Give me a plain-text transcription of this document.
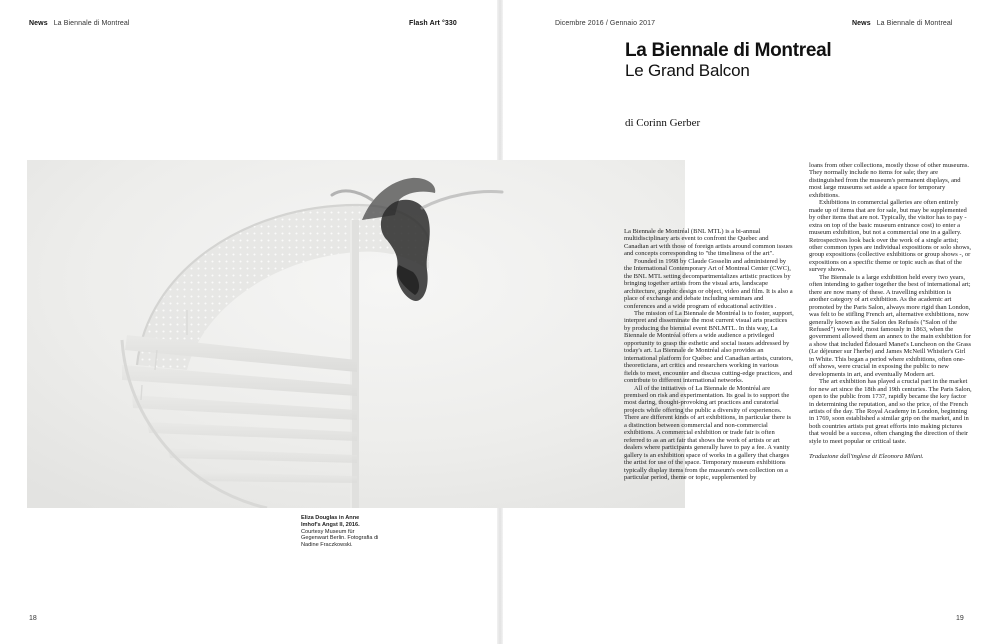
News La Biennale di Montreal	Flash Art °330
18
Dicembre 2016 / Gennaio 2017	News La Biennale di Montreal
19
Eliza Douglas in Anne Imhof's Angst II, 2016.
Courtesy Museum für Gegenwart Berlin. Fotografia di Nadine Fraczkowski.
La Biennale di Montreal
Le Grand Balcon
di Corinn Gerber

La Biennale de Montréal (BNL MTL) is a bi-annual multidisciplinary arts event to confront the Quebec and Canadian art with those of foreign artists around common issues and concepts corresponding to "the timeliness of the art".

Founded in 1998 by Claude Gosselin and administered by the International Contemporary Art of Montreal Center (CWC), the BNL MTL setting decompartmentalizes artistic practices by bringing together artists from the visual arts, landscape architecture, graphic design or object, video and film. It is also a place of exchange and debate including seminars and conferences and a wide program of educational activities .

The mission of La Biennale de Montréal is to foster, support, interpret and disseminate the most current visual arts practices by producing the biennial event BNLMTL. In this way, La Biennale de Montréal offers a wide audience a privileged opportunity to grasp the esthetic and social issues addressed by today's art. La Biennale de Montréal also provides an international platform for Québec and Canadian artists, curators, theoreticians, art critics and researchers working in various fields to meet, encounter and discuss cutting-edge practices, and contribute to different international networks.

All of the initiatives of La Biennale de Montréal are premised on risk and experimentation. Its goal is to support the most daring, thought-provoking art practices and curatorial projects while offering the public a diversity of experiences. There are different kinds of art exhibitions, in particular there is a distinction between commercial and non-commercial exhibitions. A commercial exhibition or trade fair is often referred to as an art fair that shows the work of artists or art dealers where participants generally have to pay a fee. A vanity gallery is an exhibition space of works in a gallery that charges the artist for use of the space. Temporary museum exhibitions typically display items from the museum's own collection on a particular period, theme or topic, supplemented by

loans from other collections, mostly those of other museums. They normally include no items for sale; they are distinguished from the museum's permanent displays, and most large museums set aside a space for temporary exhibitions.

Exhibitions in commercial galleries are often entirely made up of items that are for sale, but may be supplemented by other items that are not. Typically, the visitor has to pay - extra on top of the basic museum entrance cost) to enter a museum exhibition, but not a commercial one in a gallery. Retrospectives look back over the work of a single artist; other common types are individual expositions or solo shows, group expositions (collective exhibitions or group shows -, or expositions on a specific theme or topic such as that of the survey shows.

The Biennale is a large exhibition held every two years, often intending to gather together the best of international art; there are now many of these. A travelling exhibition is another category of art exhibition. As the academic art promoted by the Paris Salon, always more rigid than London, was felt to be stifling French art, alternative exhibitions, now generally known as the Salon des Refusés ("Salon of the Refused") were held, most famously in 1863, when the government allowed them an annex to the main exhibition for a show that included Édouard Manet's Luncheon on the Grass (Le déjeuner sur l'herbe) and James McNeill Whistler's Girl in White. This began a period where exhibitions, often one-off shows, were crucial in exposing the public to new developments in art, and eventually Modern art.

The art exhibition has played a crucial part in the market for new art since the 18th and 19th centuries. The Paris Salon, open to the public from 1737, rapidly became the key factor in determining the reputation, and so the price, of the French artists of the day. The Royal Academy in London, beginning in 1769, soon established a similar grip on the market, and in both countries artists put great efforts into making pictures that would be a success, often changing the direction of their style to meet popular or critical taste.

Traduzione dall'inglese di Eleonora Milani.
